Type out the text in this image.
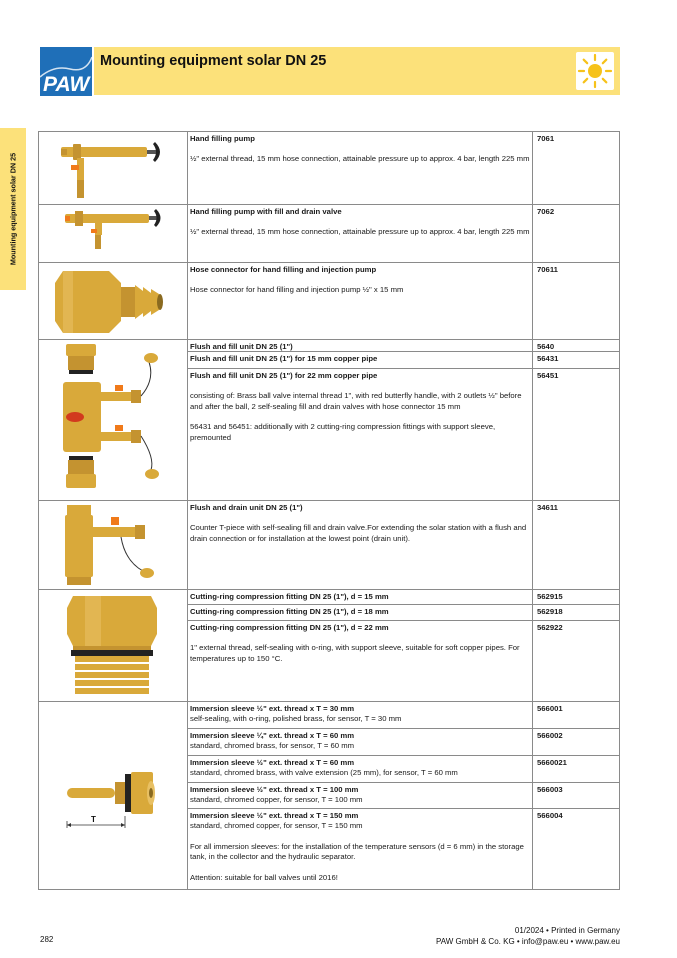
PAW
Mounting equipment solar DN 25
Mounting equipment solar DN 25
Hand filling pump

½" external thread, 15 mm hose connection, attainable pressure up to approx. 4 bar, length 225 mm

7061
Hand filling pump with fill and drain valve

½" external thread, 15 mm hose connection, attainable pressure up to approx. 4 bar, length 225 mm

7062
Hose connector for hand filling and injection pump

Hose connector for hand filling and injection pump ½" x 15 mm

70611
Flush and fill unit DN 25 (1")	5640
Flush and fill unit DN 25 (1") for 15 mm copper pipe	56431
Flush and fill unit DN 25 (1") for 22 mm copper pipe

consisting of: Brass ball valve internal thread 1", with red butterfly handle, with 2 outlets ½" before and after the ball, 2 self-sealing fill and drain valves with hose connector 15 mm

56431 and 56451: additionally with 2 cutting-ring compression fittings with support sleeve, premounted

56451
Flush and drain unit DN 25 (1")

Counter T-piece with self-sealing fill and drain valve.For extending the solar station with a flush and drain connection or for installation at the lowest point (drain unit).

34611
Cutting-ring compression fitting DN 25 (1"), d = 15 mm	562915
Cutting-ring compression fitting DN 25 (1"), d = 18 mm	562918
Cutting-ring compression fitting DN 25 (1"), d = 22 mm

1" external thread, self-sealing with o-ring, with support sleeve, suitable for soft copper pipes. For temperatures up to 150 °C.

562922
T
Immersion sleeve ½" ext. thread x T = 30 mm
self-sealing, with o-ring, polished brass, for sensor, T = 30 mm
566001
Immersion sleeve ¼" ext. thread x T = 60 mm
standard, chromed brass, for sensor, T = 60 mm
566002
Immersion sleeve ½" ext. thread x T = 60 mm
standard, chromed brass, with valve extension (25 mm), for sensor, T = 60 mm
5660021
Immersion sleeve ½" ext. thread x T = 100 mm
standard, chromed copper, for sensor, T = 100 mm
566003
Immersion sleeve ½" ext. thread x T = 150 mm
standard, chromed copper, for sensor, T = 150 mm

For all immersion sleeves: for the installation of the temperature sensors (d = 6 mm) in the storage tank, in the collector and the hydraulic separator.

Attention: suitable for ball valves until 2016!

566004
282
01/2024 • Printed in Germany
PAW GmbH & Co. KG • info@paw.eu • www.paw.eu
